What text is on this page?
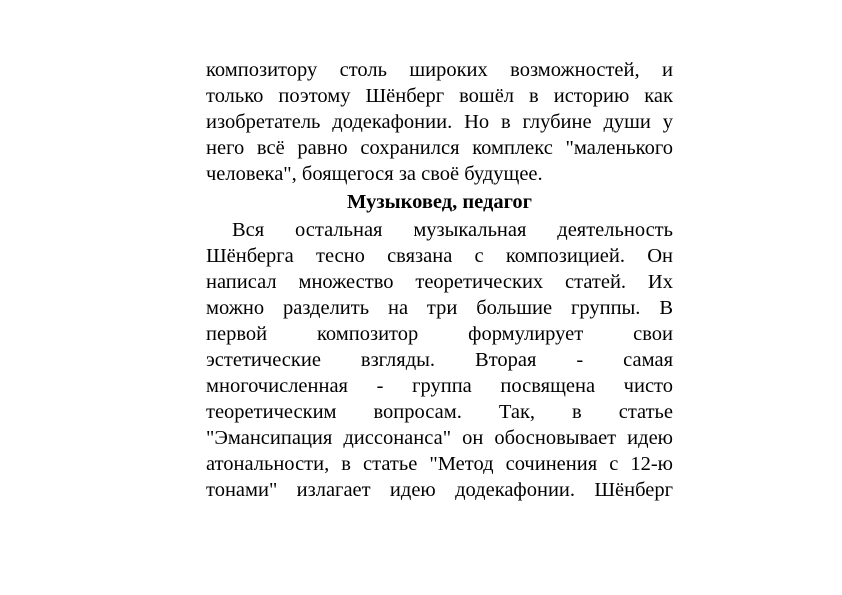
композитору столь широких возможностей, и
только поэтому Шёнберг вошёл в историю как
изобретатель додекафонии. Но в глубине души у
него всё равно сохранился комплекс "маленького
человека", боящегося за своё будущее.
Музыковед, педагог
Вся остальная музыкальная деятельность
Шёнберга тесно связана с композицией. Он
написал множество теоретических статей. Их
можно разделить на три большие группы. В
первой композитор формулирует свои
эстетические взгляды. Вторая - самая
многочисленная - группа посвящена чисто
теоретическим вопросам. Так, в статье
"Эмансипация диссонанса" он обосновывает идею
атональности, в статье "Метод сочинения с 12-ю
тонами" излагает идею додекафонии. Шёнберг
